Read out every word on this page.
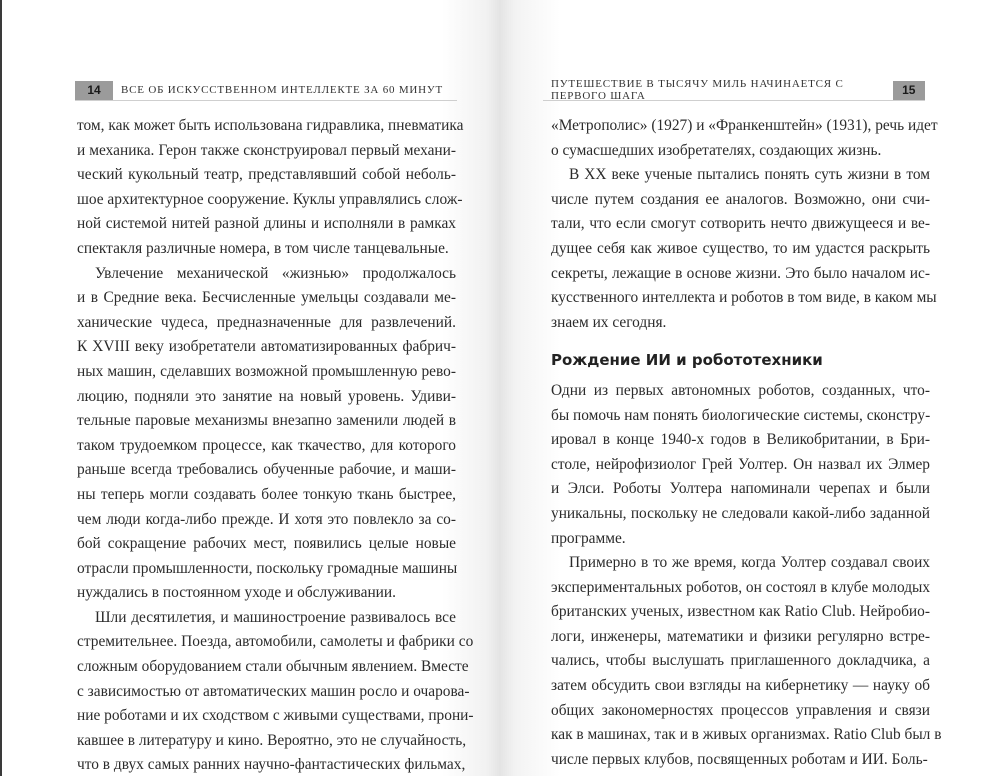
14	ВСЕ ОБ ИСКУССТВЕННОМ ИНТЕЛЛЕКТЕ ЗА 60 МИНУТ
том, как может быть использована гидравлика, пневматика
и механика. Герон также сконструировал первый механи-
ческий кукольный театр, представлявший собой неболь-
шое архитектурное сооружение. Куклы управлялись слож-
ной системой нитей разной длины и исполняли в рамках
спектакля различные номера, в том числе танцевальные.
Увлечение механической «жизнью» продолжалось
и в Средние века. Бесчисленные умельцы создавали ме-
ханические чудеса, предназначенные для развлечений.
К XVIII веку изобретатели автоматизированных фабрич-
ных машин, сделавших возможной промышленную рево-
люцию, подняли это занятие на новый уровень. Удиви-
тельные паровые механизмы внезапно заменили людей в
таком трудоемком процессе, как ткачество, для которого
раньше всегда требовались обученные рабочие, и маши-
ны теперь могли создавать более тонкую ткань быстрее,
чем люди когда-либо прежде. И хотя это повлекло за со-
бой сокращение рабочих мест, появились целые новые
отрасли промышленности, поскольку громадные машины
нуждались в постоянном уходе и обслуживании.
Шли десятилетия, и машиностроение развивалось все
стремительнее. Поезда, автомобили, самолеты и фабрики со
сложным оборудованием стали обычным явлением. Вместе
с зависимостью от автоматических машин росло и очарова-
ние роботами и их сходством с живыми существами, прони-
кавшее в литературу и кино. Вероятно, это не случайность,
что в двух самых ранних научно-фантастических фильмах,
ПУТЕШЕСТВИЕ В ТЫСЯЧУ МИЛЬ НАЧИНАЕТСЯ С ПЕРВОГО ШАГА	15
«Метрополис» (1927) и «Франкенштейн» (1931), речь идет
о сумасшедших изобретателях, создающих жизнь.
В XX веке ученые пытались понять суть жизни в том
числе путем создания ее аналогов. Возможно, они счи-
тали, что если смогут сотворить нечто движущееся и ве-
дущее себя как живое существо, то им удастся раскрыть
секреты, лежащие в основе жизни. Это было началом ис-
кусственного интеллекта и роботов в том виде, в каком мы
знаем их сегодня.
Рождение ИИ и робототехники
Одни из первых автономных роботов, созданных, что-
бы помочь нам понять биологические системы, сконстру-
ировал в конце 1940-х годов в Великобритании, в Бри-
столе, нейрофизиолог Грей Уолтер. Он назвал их Элмер
и Элси. Роботы Уолтера напоминали черепах и были
уникальны, поскольку не следовали какой-либо заданной
программе.
Примерно в то же время, когда Уолтер создавал своих
экспериментальных роботов, он состоял в клубе молодых
британских ученых, известном как Ratio Club. Нейробио-
логи, инженеры, математики и физики регулярно встре-
чались, чтобы выслушать приглашенного докладчика, а
затем обсудить свои взгляды на кибернетику — науку об
общих закономерностях процессов управления и связи
как в машинах, так и в живых организмах. Ratio Club был в
числе первых клубов, посвященных роботам и ИИ. Боль-
